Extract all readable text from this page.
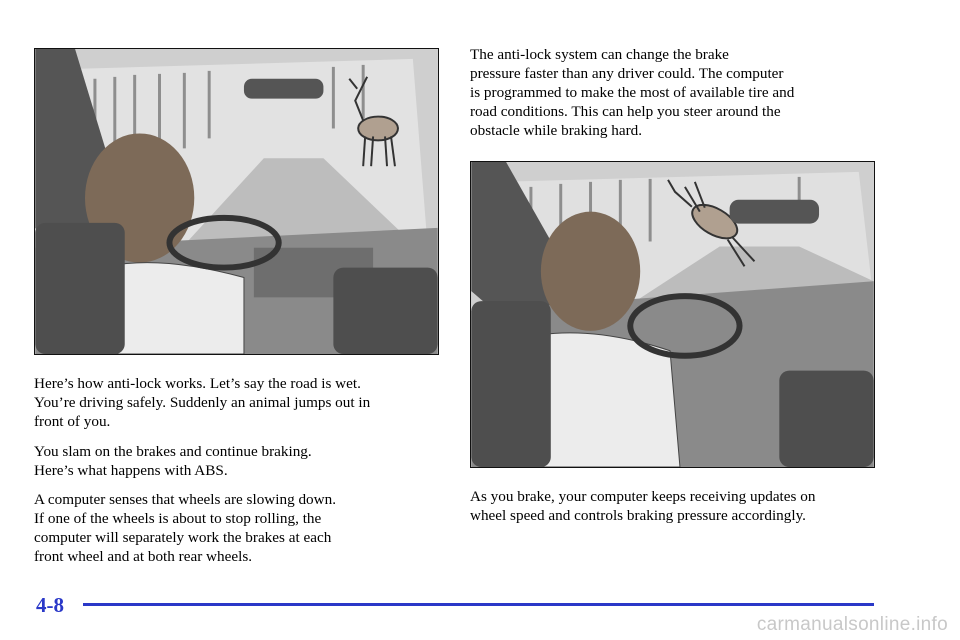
Here’s how anti-lock works. Let’s say the road is wet.
You’re driving safely. Suddenly an animal jumps out in
front of you.

You slam on the brakes and continue braking.
Here’s what happens with ABS.

A computer senses that wheels are slowing down.
If one of the wheels is about to stop rolling, the
computer will separately work the brakes at each
front wheel and at both rear wheels.

The anti-lock system can change the brake
pressure faster than any driver could. The computer
is programmed to make the most of available tire and
road conditions. This can help you steer around the
obstacle while braking hard.

As you brake, your computer keeps receiving updates on
wheel speed and controls braking pressure accordingly.

4-8
carmanualsonline.info
